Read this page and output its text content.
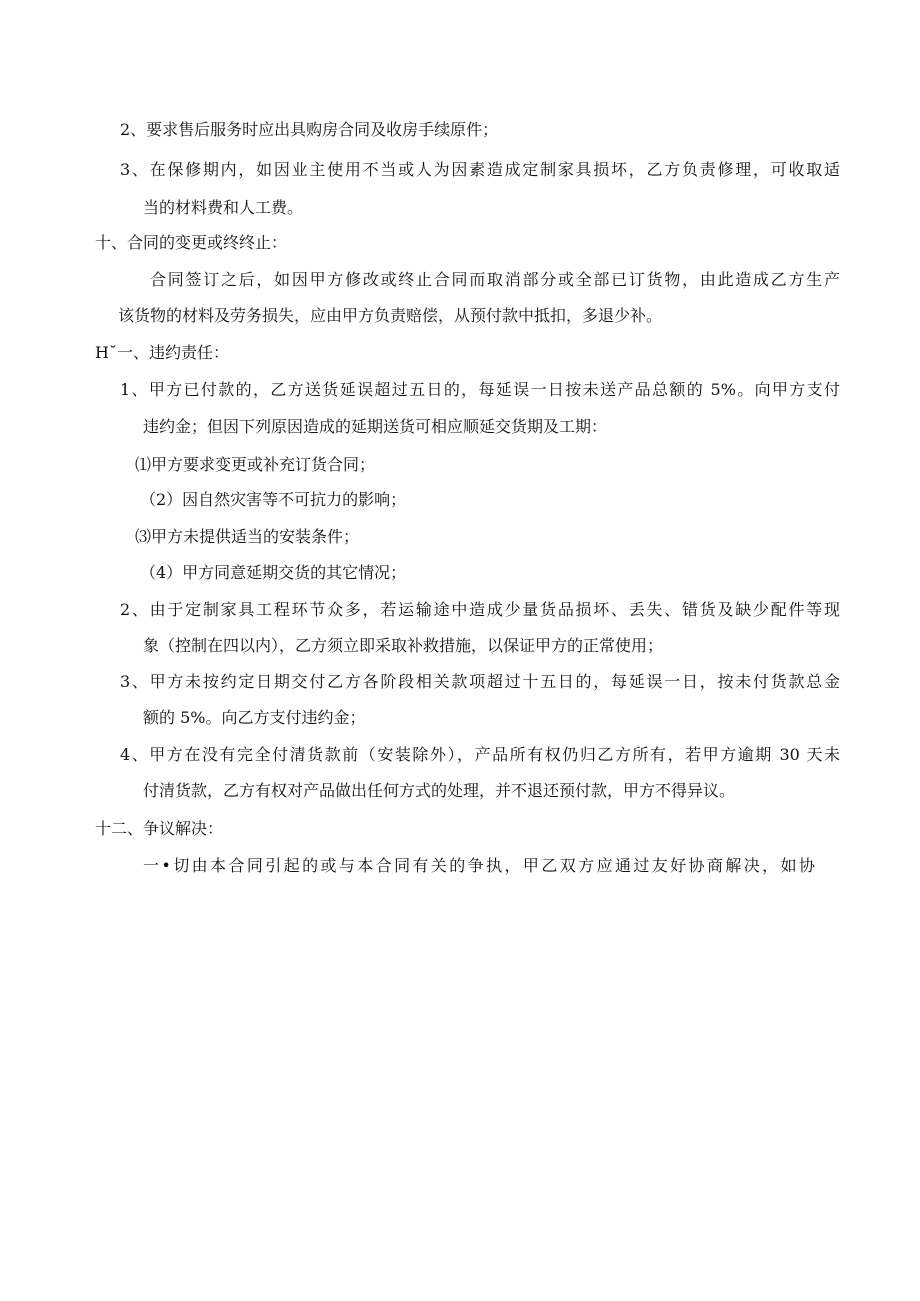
2、要求售后服务时应出具购房合同及收房手续原件；
3、在保修期内，如因业主使用不当或人为因素造成定制家具损坏，乙方负责修理，可收取适
当的材料费和人工费。
十、合同的变更或终终止：
合同签订之后，如因甲方修改或终止合同而取消部分或全部已订货物，由此造成乙方生产
该货物的材料及劳务损失，应由甲方负责赔偿，从预付款中抵扣，多退少补。
H˘一、违约责任：
1、甲方已付款的，乙方送货延误超过五日的，每延误一日按未送产品总额的 5%。向甲方支付
违约金；但因下列原因造成的延期送货可相应顺延交货期及工期：
⑴甲方要求变更或补充订货合同；
（2）因自然灾害等不可抗力的影响；
⑶甲方未提供适当的安装条件；
（4）甲方同意延期交货的其它情况；
2、由于定制家具工程环节众多，若运输途中造成少量货品损坏、丢失、错货及缺少配件等现
象（控制在四以内），乙方须立即采取补救措施，以保证甲方的正常使用；
3、甲方未按约定日期交付乙方各阶段相关款项超过十五日的，每延误一日，按未付货款总金
额的 5%。向乙方支付违约金；
4、甲方在没有完全付清货款前（安装除外），产品所有权仍归乙方所有，若甲方逾期 30 天未
付清货款，乙方有权对产品做出任何方式的处理，并不退还预付款，甲方不得异议。
十二、争议解决：
一•切由本合同引起的或与本合同有关的争执，甲乙双方应通过友好协商解决，如协
